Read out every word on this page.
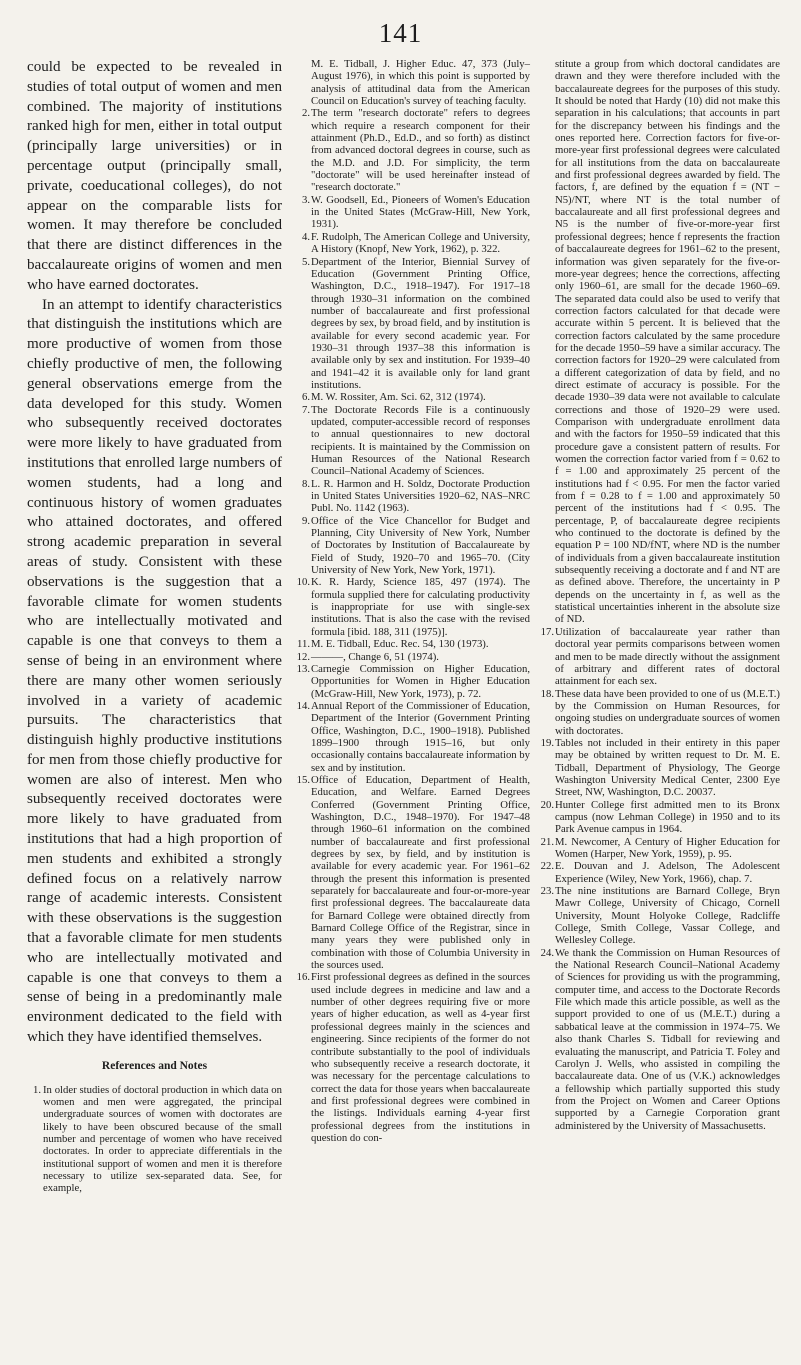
141

could be expected to be revealed in studies of total output of women and men combined. The majority of institutions ranked high for men, either in total output (principally large universities) or in percentage output (principally small, private, coeducational colleges), do not appear on the comparable lists for women. It may therefore be concluded that there are distinct differences in the baccalaureate origins of women and men who have earned doctorates.

In an attempt to identify characteristics that distinguish the institutions which are more productive of women from those chiefly productive of men, the following general observations emerge from the data developed for this study. Women who subsequently received doctorates were more likely to have graduated from institutions that enrolled large numbers of women students, had a long and continuous history of women graduates who attained doctorates, and offered strong academic preparation in several areas of study. Consistent with these observations is the suggestion that a favorable climate for women students who are intellectually motivated and capable is one that conveys to them a sense of being in an environment where there are many other women seriously involved in a variety of academic pursuits. The characteristics that distinguish highly productive institutions for men from those chiefly productive for women are also of interest. Men who subsequently received doctorates were more likely to have graduated from institutions that had a high proportion of men students and exhibited a strongly defined focus on a relatively narrow range of academic interests. Consistent with these observations is the suggestion that a favorable climate for men students who are intellectually motivated and capable is one that conveys to them a sense of being in a predominantly male environment dedicated to the field with which they have identified themselves.

References and Notes
1. In older studies of doctoral production in which data on women and men were aggregated, the principal undergraduate sources of women with doctorates are likely to have been obscured because of the small number and percentage of women who have received doctorates. In order to appreciate differentials in the institutional support of women and men it is therefore necessary to utilize sex-separated data. See, for example,
M. E. Tidball, J. Higher Educ. 47, 373 (July–August 1976), in which this point is supported by analysis of attitudinal data from the American Council on Education's survey of teaching faculty.
2. The term "research doctorate" refers to degrees which require a research component for their attainment (Ph.D., Ed.D., and so forth) as distinct from advanced doctoral degrees in course, such as the M.D. and J.D. For simplicity, the term "doctorate" will be used hereinafter instead of "research doctorate."
3. W. Goodsell, Ed., Pioneers of Women's Education in the United States (McGraw-Hill, New York, 1931).
4. F. Rudolph, The American College and University, A History (Knopf, New York, 1962), p. 322.
5. Department of the Interior, Biennial Survey of Education (Government Printing Office, Washington, D.C., 1918–1947). For 1917–18 through 1930–31 information on the combined number of baccalaureate and first professional degrees by sex, by broad field, and by institution is available for every second academic year. For 1930–31 through 1937–38 this information is available only by sex and institution. For 1939–40 and 1941–42 it is available only for land grant institutions.
6. M. W. Rossiter, Am. Sci. 62, 312 (1974).
7. The Doctorate Records File is a continuously updated, computer-accessible record of responses to annual questionnaires to new doctoral recipients. It is maintained by the Commission on Human Resources of the National Research Council–National Academy of Sciences.
8. L. R. Harmon and H. Soldz, Doctorate Production in United States Universities 1920–62, NAS–NRC Publ. No. 1142 (1963).
9. Office of the Vice Chancellor for Budget and Planning, City University of New York, Number of Doctorates by Institution of Baccalaureate by Field of Study, 1920–70 and 1965–70. (City University of New York, New York, 1971).
10. K. R. Hardy, Science 185, 497 (1974). The formula supplied there for calculating productivity is inappropriate for use with single-sex institutions. That is also the case with the revised formula [ibid. 188, 311 (1975)].
11. M. E. Tidball, Educ. Rec. 54, 130 (1973).
12. ———, Change 6, 51 (1974).
13. Carnegie Commission on Higher Education, Opportunities for Women in Higher Education (McGraw-Hill, New York, 1973), p. 72.
14. Annual Report of the Commissioner of Education, Department of the Interior (Government Printing Office, Washington, D.C., 1900–1918). Published 1899–1900 through 1915–16, but only occasionally contains baccalaureate information by sex and by institution.
15. Office of Education, Department of Health, Education, and Welfare. Earned Degrees Conferred (Government Printing Office, Washington, D.C., 1948–1970). For 1947–48 through 1960–61 information on the combined number of baccalaureate and first professional degrees by sex, by field, and by institution is available for every academic year. For 1961–62 through the present this information is presented separately for baccalaureate and four-or-more-year first professional degrees. The baccalaureate data for Barnard College were obtained directly from Barnard College Office of the Registrar, since in many years they were published only in combination with those of Columbia University in the sources used.
16. First professional degrees as defined in the sources used include degrees in medicine and law and a number of other degrees requiring five or more years of higher education, as well as 4-year first professional degrees mainly in the sciences and engineering. Since recipients of the former do not contribute substantially to the pool of individuals who subsequently receive a research doctorate, it was necessary for the percentage calculations to correct the data for those years when baccalaureate and first professional degrees were combined in the listings. Individuals earning 4-year first professional degrees from the institutions in question do con-
stitute a group from which doctoral candidates are drawn and they were therefore included with the baccalaureate degrees for the purposes of this study. It should be noted that Hardy (10) did not make this separation in his calculations; that accounts in part for the discrepancy between his findings and the ones reported here. Correction factors for five-or-more-year first professional degrees were calculated for all institutions from the data on baccalaureate and first professional degrees awarded by field. The factors, f, are defined by the equation f = (NT − N5)/NT, where NT is the total number of baccalaureate and all first professional degrees and N5 is the number of five-or-more-year first professional degrees; hence f represents the fraction of baccalaureate degrees for 1961–62 to the present, information was given separately for the five-or-more-year degrees; hence the corrections, affecting only 1960–61, are small for the decade 1960–69. The separated data could also be used to verify that correction factors calculated for that decade were accurate within 5 percent. It is believed that the correction factors calculated by the same procedure for the decade 1950–59 have a similar accuracy. The correction factors for 1920–29 were calculated from a different categorization of data by field, and no direct estimate of accuracy is possible. For the decade 1930–39 data were not available to calculate corrections and those of 1920–29 were used. Comparison with undergraduate enrollment data and with the factors for 1950–59 indicated that this procedure gave a consistent pattern of results. For women the correction factor varied from f = 0.62 to f = 1.00 and approximately 25 percent of the institutions had f < 0.95. For men the factor varied from f = 0.28 to f = 1.00 and approximately 50 percent of the institutions had f < 0.95. The percentage, P, of baccalaureate degree recipients who continued to the doctorate is defined by the equation P = 100 ND/fNT, where ND is the number of individuals from a given baccalaureate institution subsequently receiving a doctorate and f and NT are as defined above. Therefore, the uncertainty in P depends on the uncertainty in f, as well as the statistical uncertainties inherent in the absolute size of ND.
17. Utilization of baccalaureate year rather than doctoral year permits comparisons between women and men to be made directly without the assignment of arbitrary and different rates of doctoral attainment for each sex.
18. These data have been provided to one of us (M.E.T.) by the Commission on Human Resources, for ongoing studies on undergraduate sources of women with doctorates.
19. Tables not included in their entirety in this paper may be obtained by written request to Dr. M. E. Tidball, Department of Physiology, The George Washington University Medical Center, 2300 Eye Street, NW, Washington, D.C. 20037.
20. Hunter College first admitted men to its Bronx campus (now Lehman College) in 1950 and to its Park Avenue campus in 1964.
21. M. Newcomer, A Century of Higher Education for Women (Harper, New York, 1959), p. 95.
22. E. Douvan and J. Adelson, The Adolescent Experience (Wiley, New York, 1966), chap. 7.
23. The nine institutions are Barnard College, Bryn Mawr College, University of Chicago, Cornell University, Mount Holyoke College, Radcliffe College, Smith College, Vassar College, and Wellesley College.
24. We thank the Commission on Human Resources of the National Research Council–National Academy of Sciences for providing us with the programming, computer time, and access to the Doctorate Records File which made this article possible, as well as the support provided to one of us (M.E.T.) during a sabbatical leave at the commission in 1974–75. We also thank Charles S. Tidball for reviewing and evaluating the manuscript, and Patricia T. Foley and Carolyn J. Wells, who assisted in compiling the baccalaureate data. One of us (V.K.) acknowledges a fellowship which partially supported this study from the Project on Women and Career Options supported by a Carnegie Corporation grant administered by the University of Massachusetts.
